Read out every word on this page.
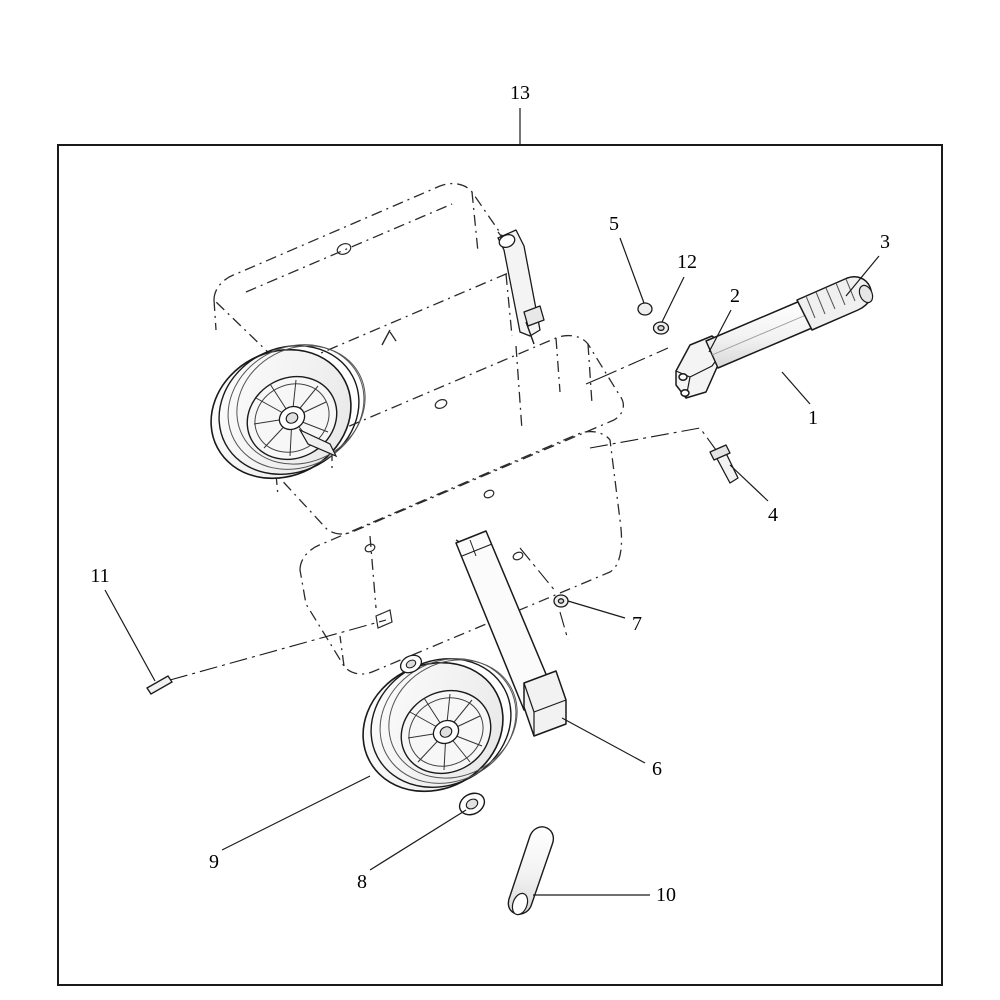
13
5
12
2
3
1
4
7
6
11
9
8
10
